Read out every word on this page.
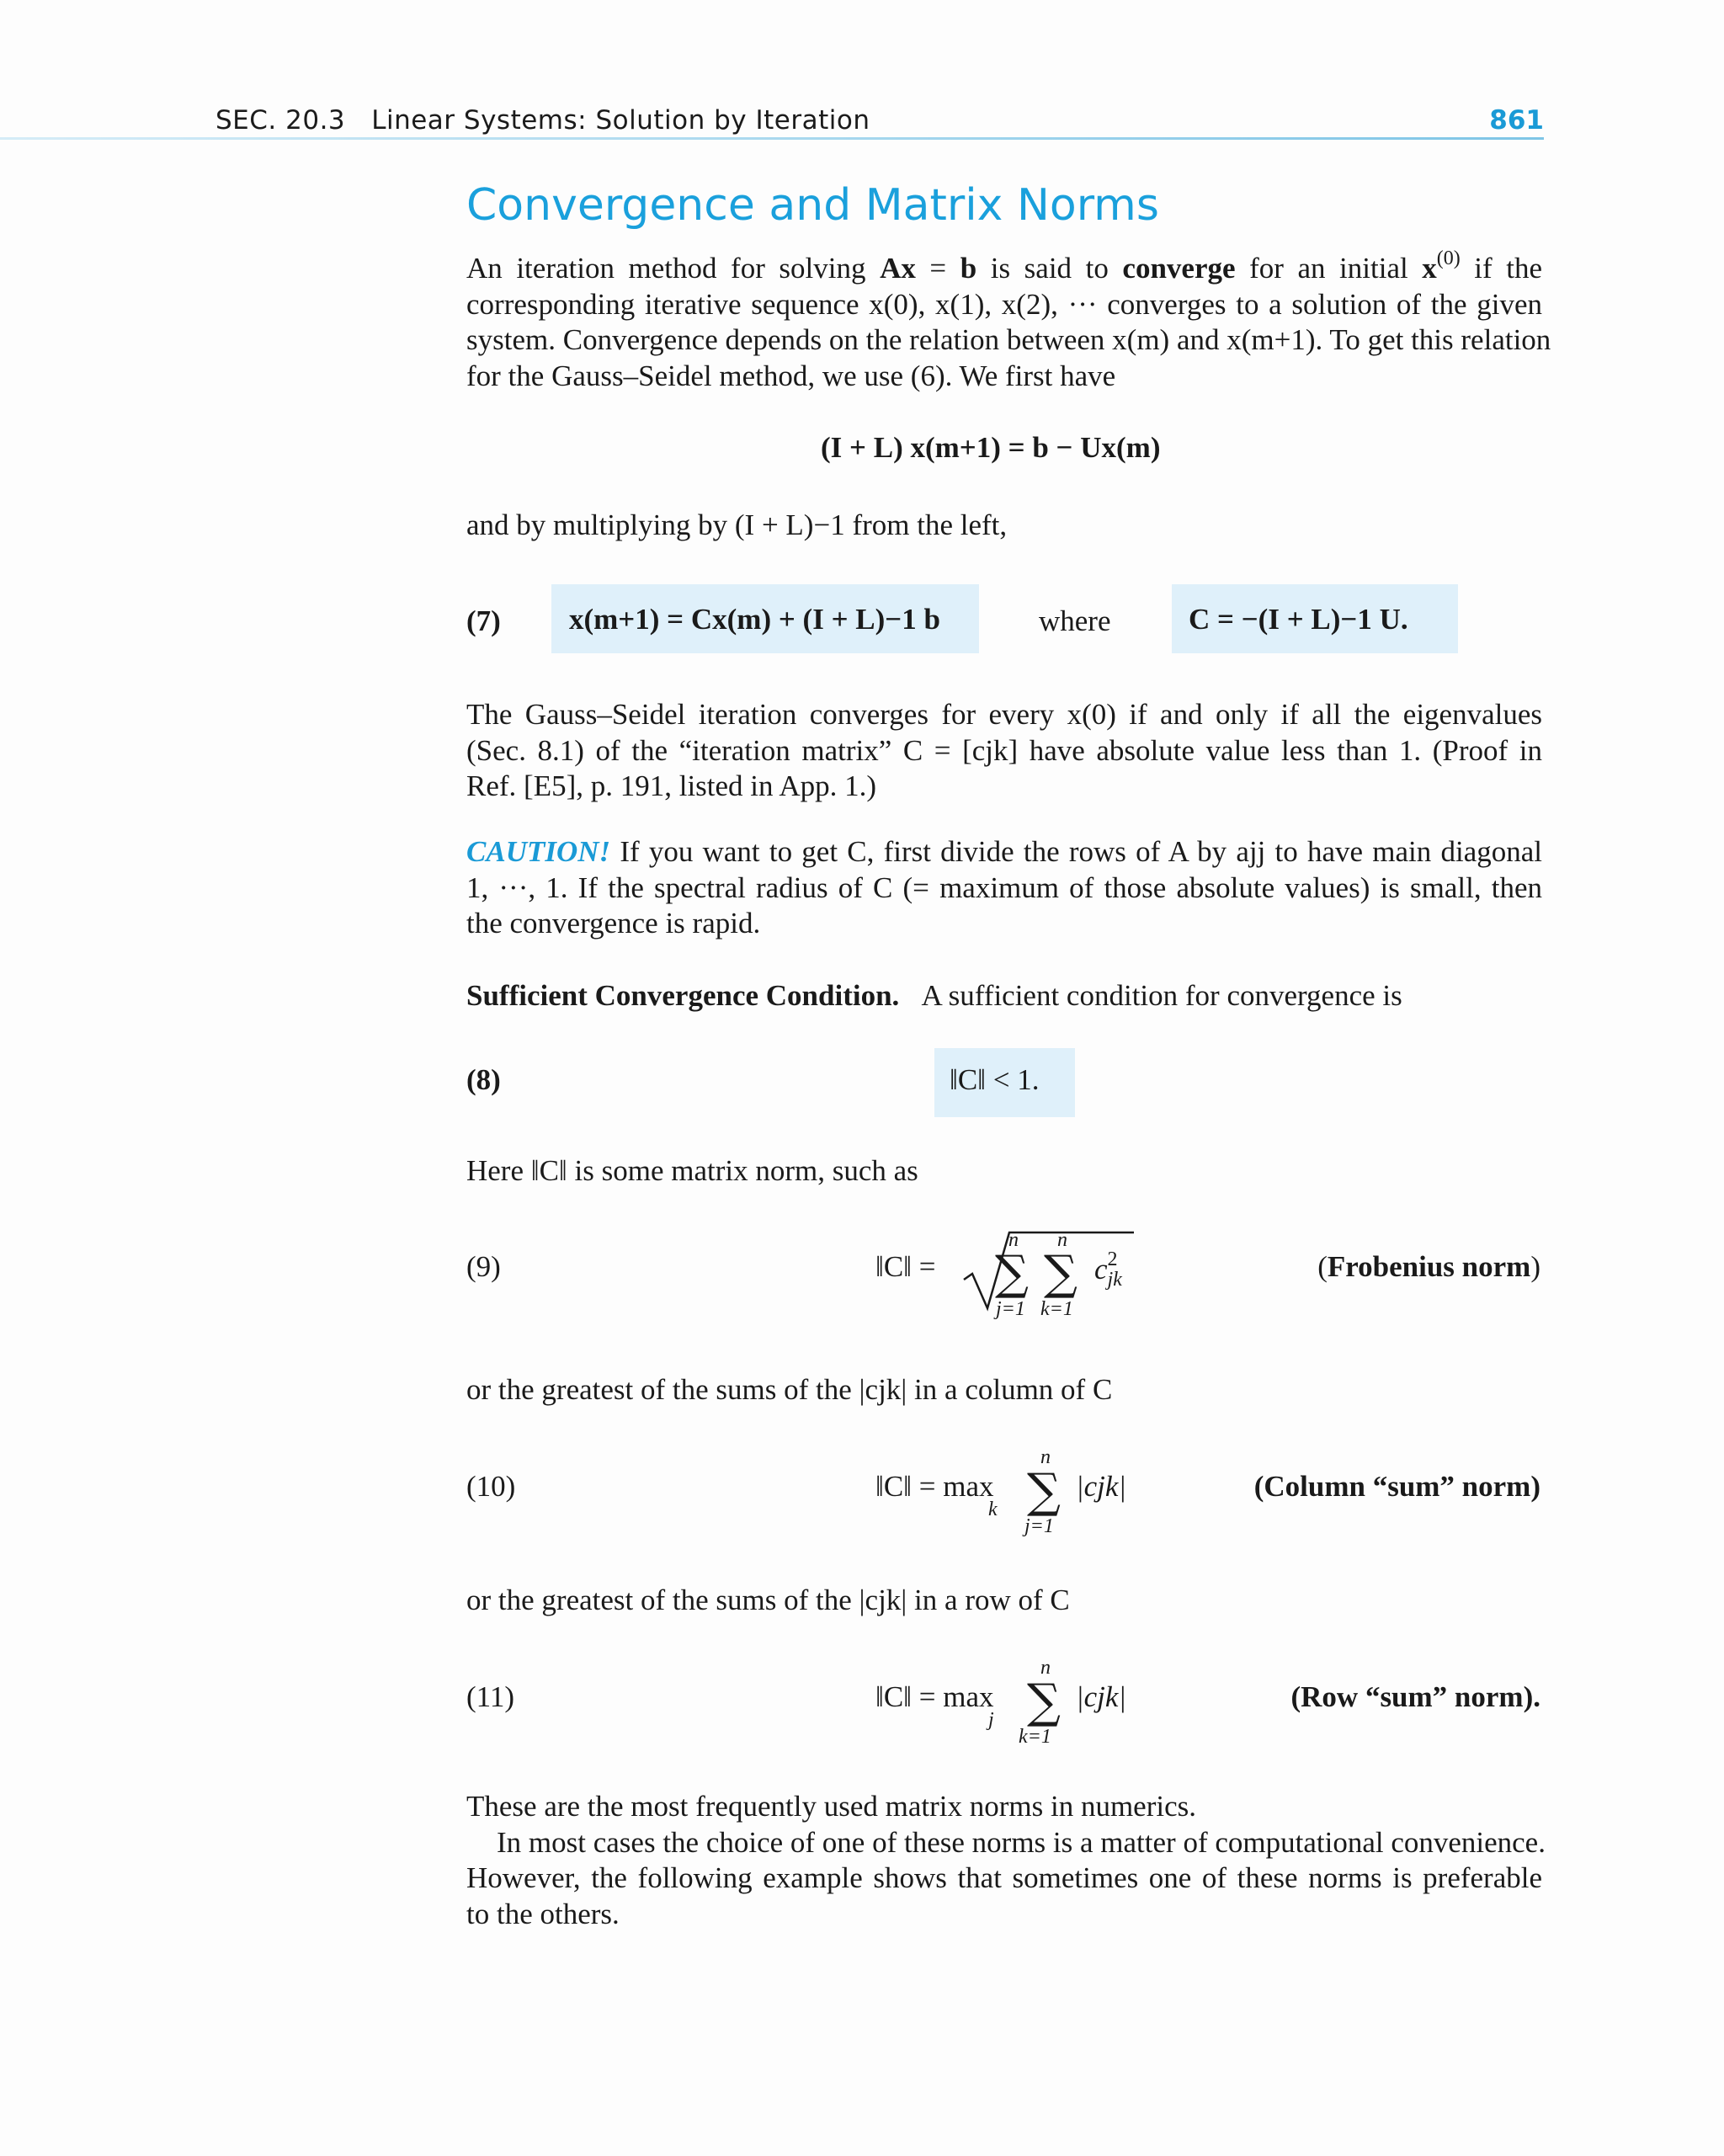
SEC. 20.3   Linear Systems: Solution by Iteration	861
Convergence and Matrix Norms
An iteration method for solving Ax = b is said to converge for an initial $x^{(0)}$ if the
corresponding iterative sequence x(0), x(1), x(2), ··· converges to a solution of the given
system. Convergence depends on the relation between x(m) and x(m+1). To get this relation
for the Gauss–Seidel method, we use (6). We first have
(I + L) x(m+1) = b − Ux(m)
and by multiplying by (I + L)−1 from the left,
(7) x(m+1) = Cx(m) + (I + L)−1 b	where	C = −(I + L)−1 U.
The Gauss–Seidel iteration converges for every x(0) if and only if all the eigenvalues
(Sec. 8.1) of the “iteration matrix” C = [cjk] have absolute value less than 1. (Proof in
Ref. [E5], p. 191, listed in App. 1.)
CAUTION! If you want to get C, first divide the rows of A by ajj to have main diagonal
1, ···, 1. If the spectral radius of C (= maximum of those absolute values) is small, then
the convergence is rapid.
Sufficient Convergence Condition. A sufficient condition for convergence is
(8)	‖C‖ < 1.
Here ‖C‖ is some matrix norm, such as
(9)	‖C‖ =
n n
∑ ∑
j=1 k=1
c 2
jk
	(Frobenius norm)
or the greatest of the sums of the |cjk| in a column of C
(10)	‖C‖ = max
k
n
∑
j=1
|cjk|	(Column “sum” norm)
or the greatest of the sums of the |cjk| in a row of C
(11)	‖C‖ = max
j
n
∑
k=1
|cjk|	(Row “sum” norm).
These are the most frequently used matrix norms in numerics.
In most cases the choice of one of these norms is a matter of computational convenience.
However, the following example shows that sometimes one of these norms is preferable
to the others.
